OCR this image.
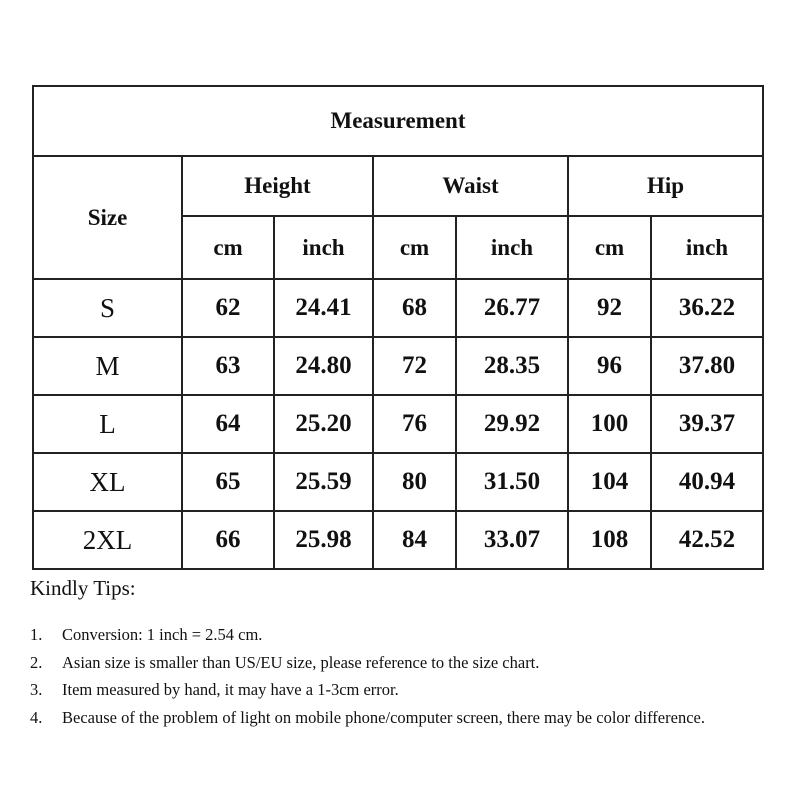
Measurement						
Size	Height		Waist		Hip	
	cm	inch	cm	inch	cm	inch
S	62	24.41	68	26.77	92	36.22
M	63	24.80	72	28.35	96	37.80
L	64	25.20	76	29.92	100	39.37
XL	65	25.59	80	31.50	104	40.94
2XL	66	25.98	84	33.07	108	42.52
Kindly Tips:
1.	Conversion: 1 inch = 2.54 cm.
2.	Asian size is smaller than US/EU size, please reference to the size chart.
3.	Item measured by hand, it may have a 1-3cm error.
4.	Because of the problem of light on mobile phone/computer screen, there may be color difference.
